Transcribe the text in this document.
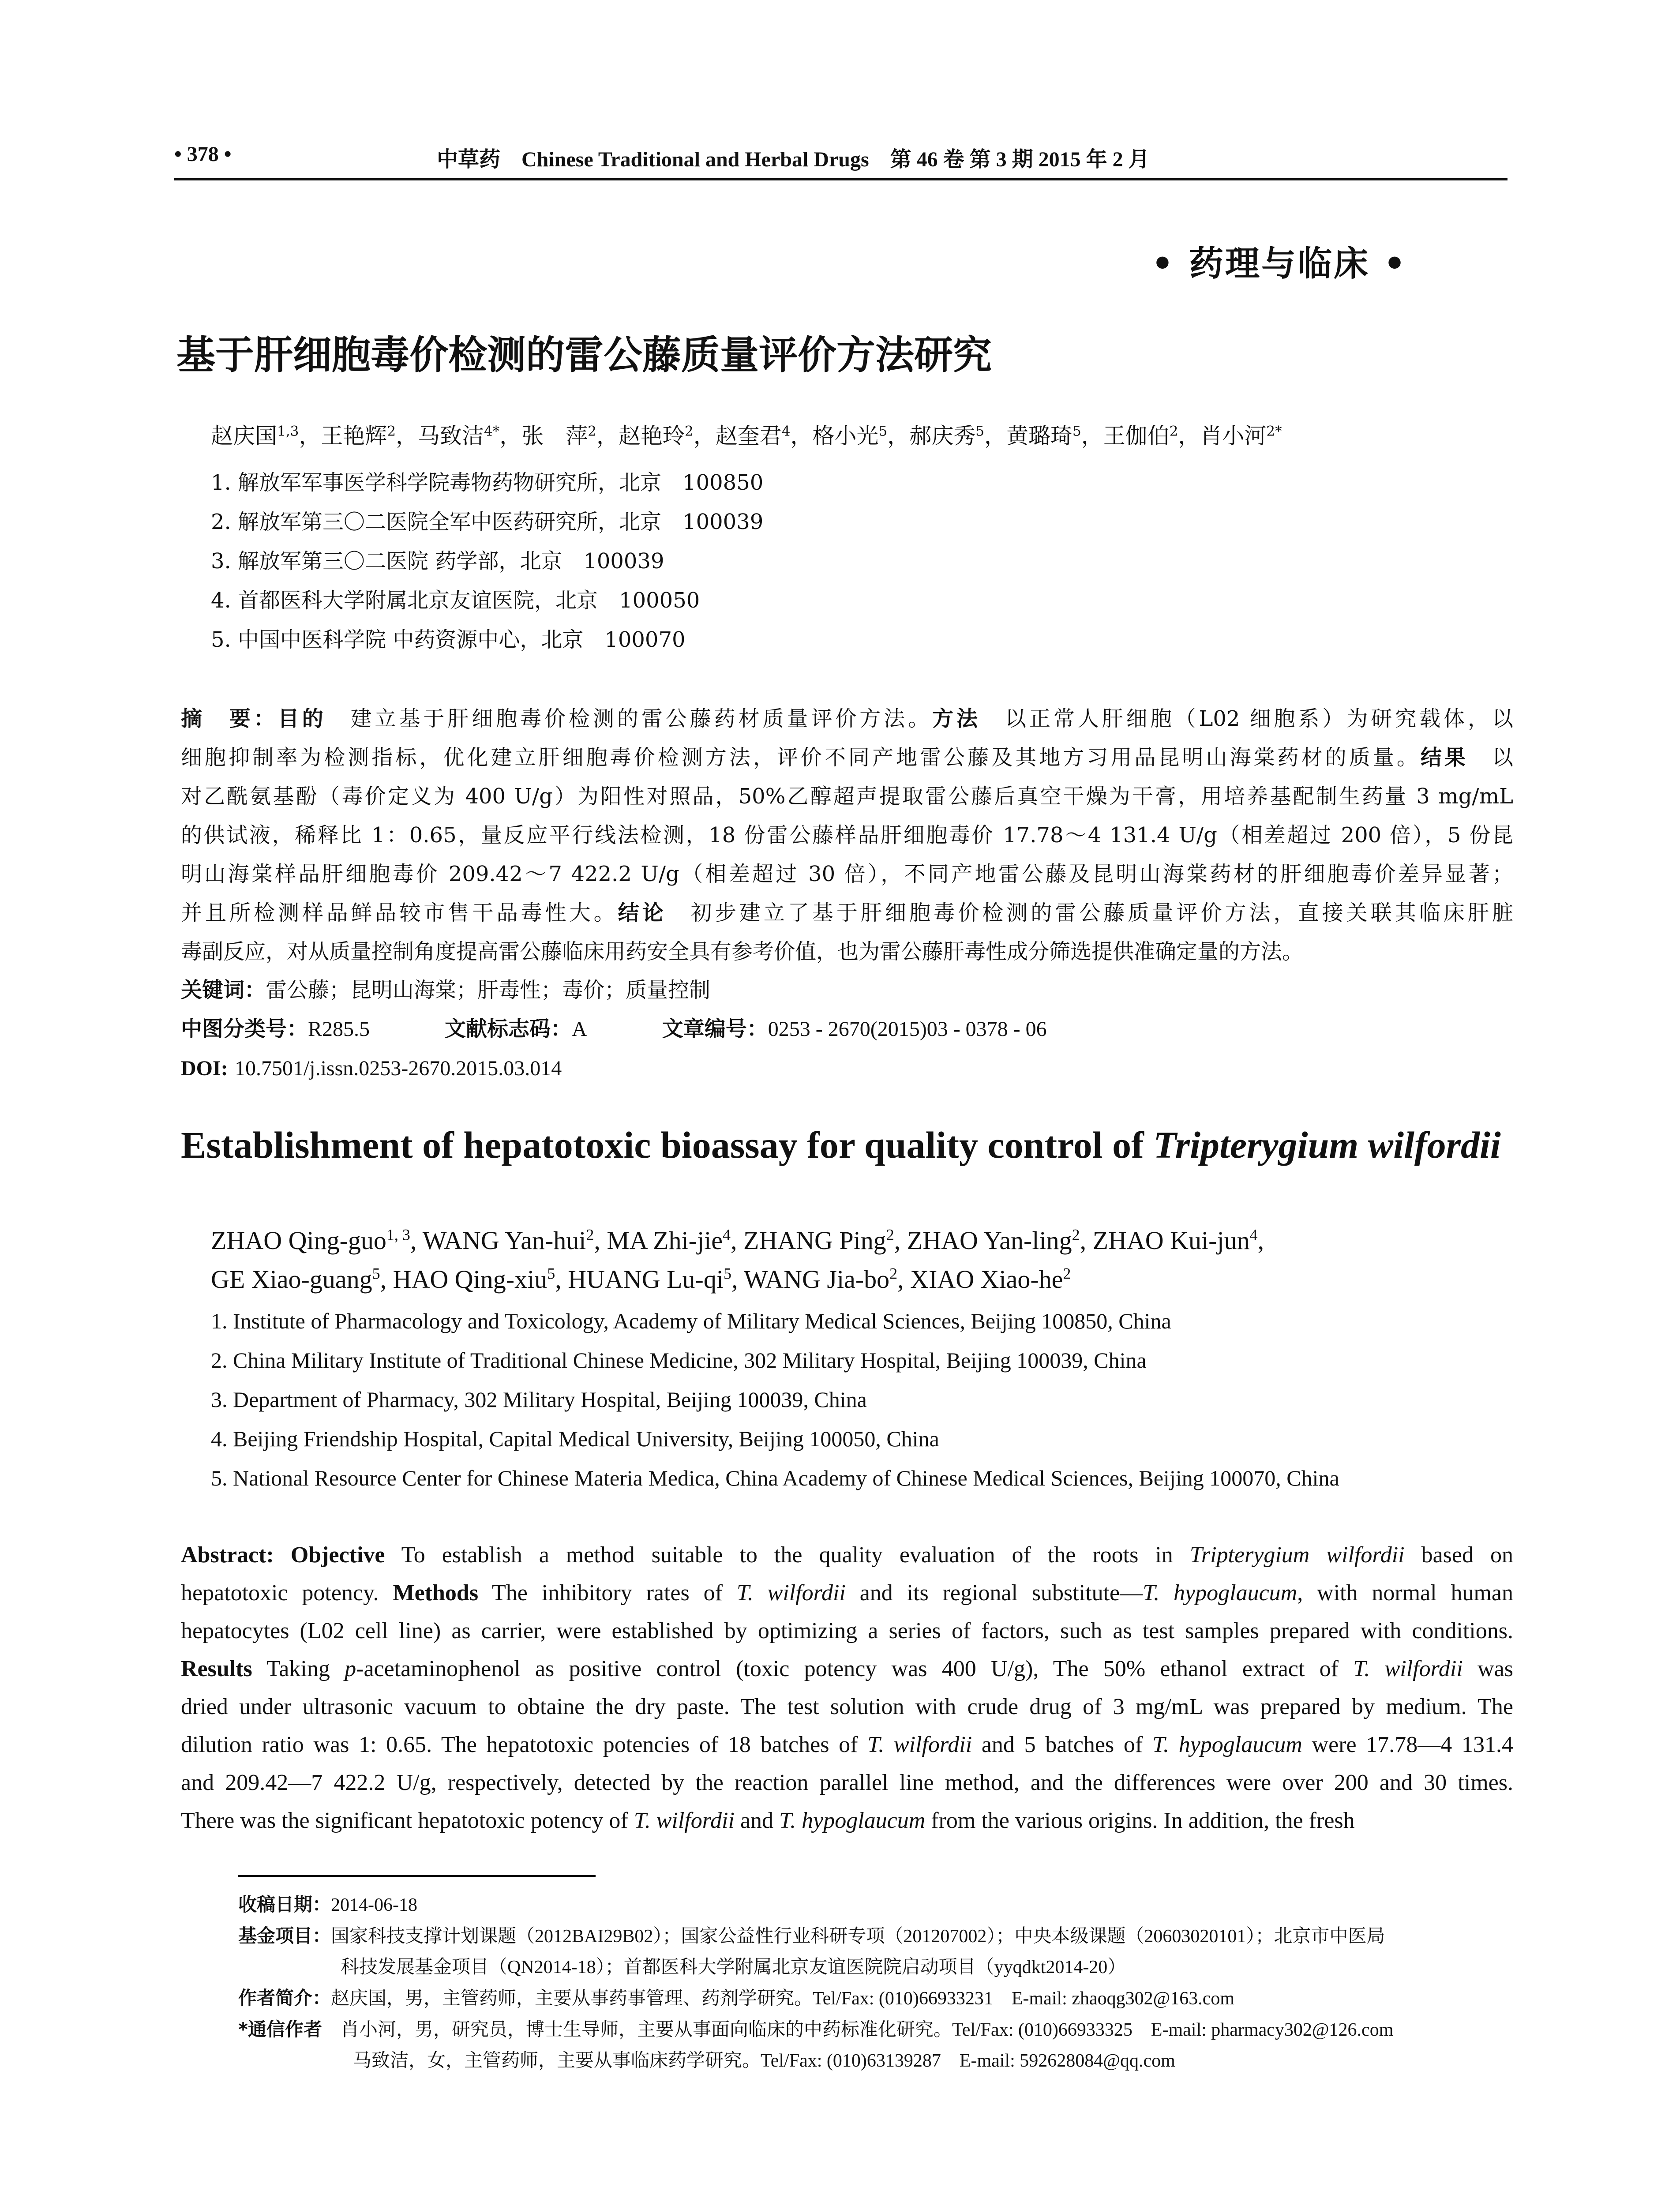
• 378 •	中草药　Chinese Traditional and Herbal Drugs　第 46 卷 第 3 期 2015 年 2 月
• 药理与临床 •
基于肝细胞毒价检测的雷公藤质量评价方法研究
赵庆国$^{1,3}$，王艳辉$^2$，马致洁$^{4*}$，张　萍$^2$，赵艳玲$^2$，赵奎君$^4$，格小光$^5$，郝庆秀$^5$，黄璐琦$^5$，王伽伯$^2$，肖小河$^{2*}$
1. 解放军军事医学科学院毒物药物研究所，北京　100850
2. 解放军第三〇二医院全军中医药研究所，北京　100039
3. 解放军第三〇二医院 药学部，北京　100039
4. 首都医科大学附属北京友谊医院，北京　100050
5. 中国中医科学院 中药资源中心，北京　100070
摘　要：目的　建立基于肝细胞毒价检测的雷公藤药材质量评价方法。方法　以正常人肝细胞（L02 细胞系）为研究载体，以
细胞抑制率为检测指标，优化建立肝细胞毒价检测方法，评价不同产地雷公藤及其地方习用品昆明山海棠药材的质量。结果　以
对乙酰氨基酚（毒价定义为 400 U/g）为阳性对照品，50%乙醇超声提取雷公藤后真空干燥为干膏，用培养基配制生药量 3 mg/mL
的供试液，稀释比 1：0.65，量反应平行线法检测，18 份雷公藤样品肝细胞毒价 17.78～4 131.4 U/g（相差超过 200 倍），5 份昆
明山海棠样品肝细胞毒价 209.42～7 422.2 U/g（相差超过 30 倍），不同产地雷公藤及昆明山海棠药材的肝细胞毒价差异显著；
并且所检测样品鲜品较市售干品毒性大。结论　初步建立了基于肝细胞毒价检测的雷公藤质量评价方法，直接关联其临床肝脏
毒副反应，对从质量控制角度提高雷公藤临床用药安全具有参考价值，也为雷公藤肝毒性成分筛选提供准确定量的方法。
关键词：雷公藤；昆明山海棠；肝毒性；毒价；质量控制
中图分类号：R285.5	文献标志码：A	文章编号：0253 - 2670(2015)03 - 0378 - 06
DOI: 10.7501/j.issn.0253-2670.2015.03.014
Establishment of hepatotoxic bioassay for quality control of Tripterygium wilfordii
ZHAO Qing-guo$^{1, 3}$, WANG Yan-hui$^2$, MA Zhi-jie$^4$, ZHANG Ping$^2$, ZHAO Yan-ling$^2$, ZHAO Kui-jun$^4$,
GE Xiao-guang$^5$, HAO Qing-xiu$^5$, HUANG $Lu-qi^5$, WANG Jia-$bo^2$, XIAO Xiao-$he^2$
1. Institute of Pharmacology and Toxicology, Academy of Military Medical Sciences, Beijing 100850, China
2. China Military Institute of Traditional Chinese Medicine, 302 Military Hospital, Beijing 100039, China
3. Department of Pharmacy, 302 Military Hospital, Beijing 100039, China
4. Beijing Friendship Hospital, Capital Medical University, Beijing 100050, China
5. National Resource Center for Chinese Materia Medica, China Academy of Chinese Medical Sciences, Beijing 100070, China
Abstract: Objective To establish a method suitable to the quality evaluation of the roots in Tripterygium wilfordii based on
hepatotoxic potency. Methods The inhibitory rates of T. wilfordii and its regional substitute—T. hypoglaucum, with normal human
hepatocytes (L02 cell line) as carrier, were established by optimizing a series of factors, such as test samples prepared with conditions.
Results Taking p-acetaminophenol as positive control (toxic potency was 400 U/g), The 50% ethanol extract of T. wilfordii was
dried under ultrasonic vacuum to obtaine the dry paste. The test solution with crude drug of 3 mg/mL was prepared by medium. The
dilution ratio was 1: 0.65. The hepatotoxic potencies of 18 batches of T. wilfordii and 5 batches of T. hypoglaucum were 17.78—4 131.4
and 209.42—7 422.2 U/g, respectively, detected by the reaction parallel line method, and the differences were over 200 and 30 times.
There was the significant hepatotoxic potency of T. wilfordii and T. hypoglaucum from the various origins. In addition, the fresh
收稿日期：2014-06-18
基金项目：国家科技支撑计划课题（2012BAI29B02）；国家公益性行业科研专项（201207002）；中央本级课题（20603020101）；北京市中医局
科技发展基金项目（QN2014-18）；首都医科大学附属北京友谊医院院启动项目（yyqdkt2014-20）
作者简介：赵庆国，男，主管药师，主要从事药事管理、药剂学研究。Tel/Fax: (010)66933231　E-mail: zhaoqg302@163.com
*通信作者　 肖小河，男，研究员，博士生导师，主要从事面向临床的中药标准化研究。Tel/Fax: (010)66933325　E-mail: pharmacy302@126.com
马致洁，女，主管药师，主要从事临床药学研究。Tel/Fax: (010)63139287　E-mail: 592628084@qq.com
